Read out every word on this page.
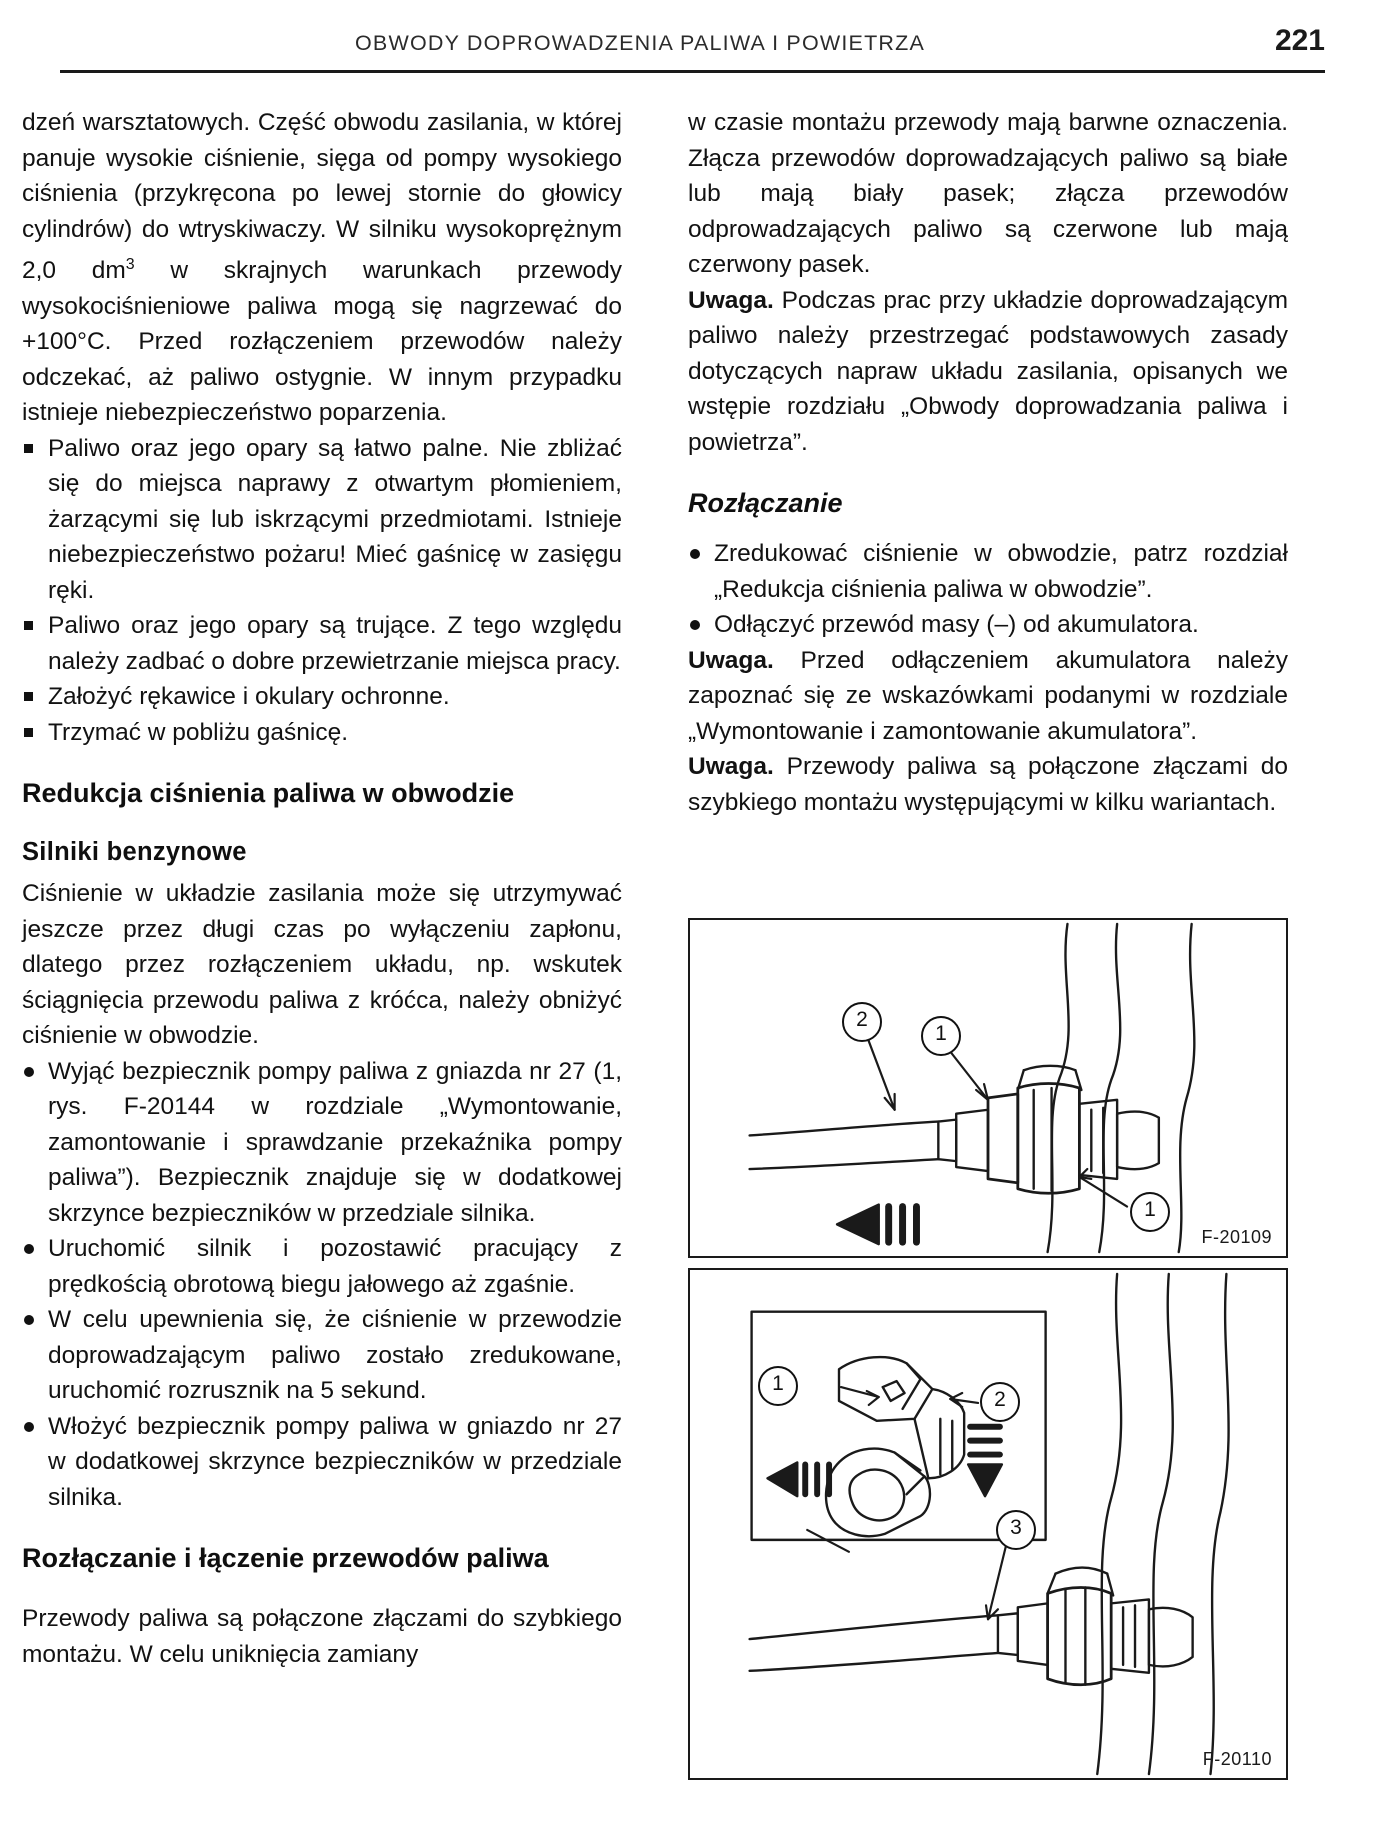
OBWODY DOPROWADZENIA PALIWA I POWIETRZA	221

dzeń warsztatowych. Część obwodu zasilania, w której panuje wysokie ciśnienie, sięga od pompy wysokiego ciśnienia (przykręcona po lewej stornie do głowicy cylindrów) do wtryskiwaczy. W silniku wysokoprężnym 2,0 $dm^3$ w skrajnych warunkach przewody wysokociśnieniowe paliwa mogą się nagrzewać do +100°C. Przed rozłączeniem przewodów należy odczekać, aż paliwo ostygnie. W innym przypadku istnieje niebezpieczeństwo poparzenia.

Paliwo oraz jego opary są łatwo palne. Nie zbliżać się do miejsca naprawy z otwartym płomieniem, żarzącymi się lub iskrzącymi przedmiotami. Istnieje niebezpieczeństwo pożaru! Mieć gaśnicę w zasięgu ręki.
Paliwo oraz jego opary są trujące. Z tego względu należy zadbać o dobre przewietrzanie miejsca pracy.
Założyć rękawice i okulary ochronne.
Trzymać w pobliżu gaśnicę.
Redukcja ciśnienia paliwa w obwodzie
Silniki benzynowe

Ciśnienie w układzie zasilania może się utrzymywać jeszcze przez długi czas po wyłączeniu zapłonu, dlatego przez rozłączeniem układu, np. wskutek ściągnięcia przewodu paliwa z króćca, należy obniżyć ciśnienie w obwodzie.

Wyjąć bezpiecznik pompy paliwa z gniazda nr 27 (1, rys. F-20144 w rozdziale „Wymontowanie, zamontowanie i sprawdzanie przekaźnika pompy paliwa”). Bezpiecznik znajduje się w dodatkowej skrzynce bezpieczników w przedziale silnika.
Uruchomić silnik i pozostawić pracujący z prędkością obrotową biegu jałowego aż zgaśnie.
W celu upewnienia się, że ciśnienie w przewodzie doprowadzającym paliwo zostało zredukowane, uruchomić rozrusznik na 5 sekund.
Włożyć bezpiecznik pompy paliwa w gniazdo nr 27 w dodatkowej skrzynce bezpieczników w przedziale silnika.
Rozłączanie i łączenie przewodów paliwa

Przewody paliwa są połączone złączami do szybkiego montażu. W celu uniknięcia zamiany

w czasie montażu przewody mają barwne oznaczenia. Złącza przewodów doprowadzających paliwo są białe lub mają biały pasek; złącza przewodów odprowadzających paliwo są czerwone lub mają czerwony pasek.

Uwaga. Podczas prac przy układzie doprowadzającym paliwo należy przestrzegać podstawowych zasady dotyczących napraw układu zasilania, opisanych we wstępie rozdziału „Obwody doprowadzania paliwa i powietrza”.

Rozłączanie
Zredukować ciśnienie w obwodzie, patrz rozdział „Redukcja ciśnienia paliwa w obwodzie”.
Odłączyć przewód masy (–) od akumulatora.

Uwaga. Przed odłączeniem akumulatora należy zapoznać się ze wskazówkami podanymi w rozdziale „Wymontowanie i zamontowanie akumulatora”.

Uwaga. Przewody paliwa są połączone złączami do szybkiego montażu występującymi w kilku wariantach.

1
2
1
F-20109
1
2
3
F-20110
